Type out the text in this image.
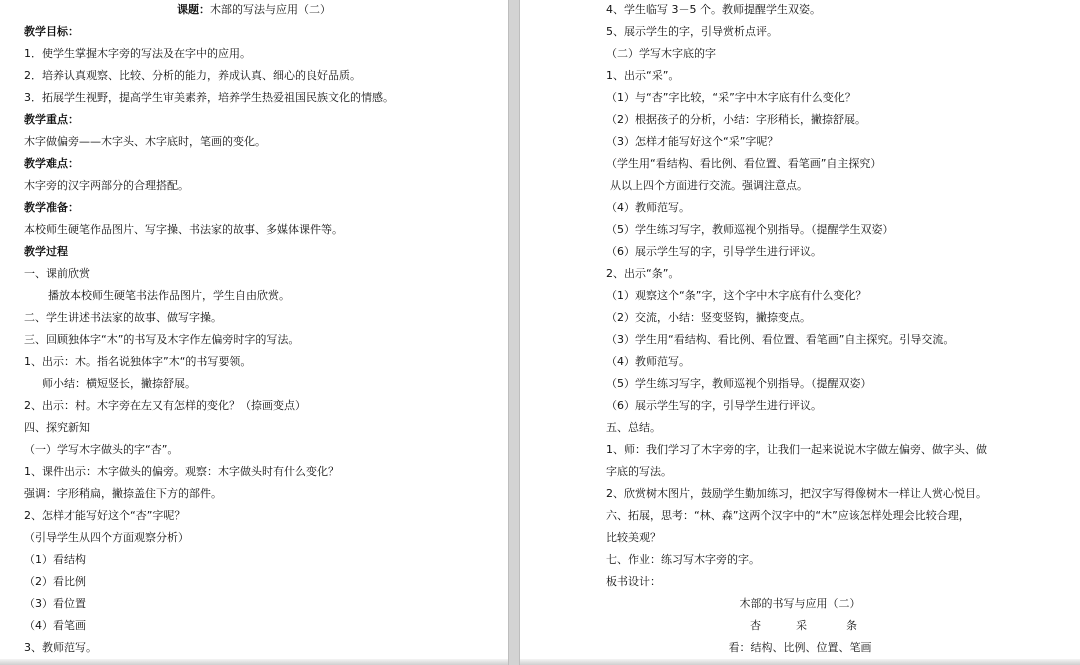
课题：木部的写法与应用（二）
教学目标：
1．使学生掌握木字旁的写法及在字中的应用。
2．培养认真观察、比较、分析的能力，养成认真、细心的良好品质。
3．拓展学生视野，提高学生审美素养，培养学生热爱祖国民族文化的情感。
教学重点：
木字做偏旁——木字头、木字底时，笔画的变化。
教学难点：
木字旁的汉字两部分的合理搭配。
教学准备：
本校师生硬笔作品图片、写字操、书法家的故事、多媒体课件等。
教学过程
一、课前欣赏
播放本校师生硬笔书法作品图片，学生自由欣赏。
二、学生讲述书法家的故事、做写字操。
三、回顾独体字“木”的书写及木字作左偏旁时字的写法。
1、出示：木。指名说独体字”木“的书写要领。
师小结：横短竖长，撇捺舒展。
2、出示：村。木字旁在左又有怎样的变化？（捺画变点）
四、探究新知
（一）学写木字做头的字“杏”。
1、课件出示：木字做头的偏旁。观察：木字做头时有什么变化？
强调：字形稍扁，撇捺盖住下方的部件。
2、怎样才能写好这个“杏”字呢？
（引导学生从四个方面观察分析）
（1）看结构
（2）看比例
（3）看位置
（4）看笔画
3、教师范写。
4、学生临写 3－5 个。教师提醒学生双姿。
5、展示学生的字，引导赏析点评。
（二）学写木字底的字
1、出示“采”。
（1）与“杏”字比较，“采”字中木字底有什么变化？
（2）根据孩子的分析，小结：字形稍长，撇捺舒展。
（3）怎样才能写好这个“采”字呢？
（学生用“看结构、看比例、看位置、看笔画”自主探究）
从以上四个方面进行交流。强调注意点。
（4）教师范写。
（5）学生练习写字，教师巡视个别指导。（提醒学生双姿）
（6）展示学生写的字，引导学生进行评议。
2、出示“条”。
（1）观察这个“条”字，这个字中木字底有什么变化？
（2）交流，小结：竖变竖钩，撇捺变点。
（3）学生用“看结构、看比例、看位置、看笔画”自主探究。引导交流。
（4）教师范写。
（5）学生练习写字，教师巡视个别指导。（提醒双姿）
（6）展示学生写的字，引导学生进行评议。
五、总结。
1、师：我们学习了木字旁的字，让我们一起来说说木字做左偏旁、做字头、做
字底的写法。
2、欣赏树木图片，鼓励学生勤加练习，把汉字写得像树木一样让人赏心悦目。
六、拓展，思考：“林、森”这两个汉字中的“木”应该怎样处理会比较合理，
比较美观？
七、作业：练习写木字旁的字。
板书设计：
木部的书写与应用（二）
杏	采	条
看：结构、比例、位置、笔画
